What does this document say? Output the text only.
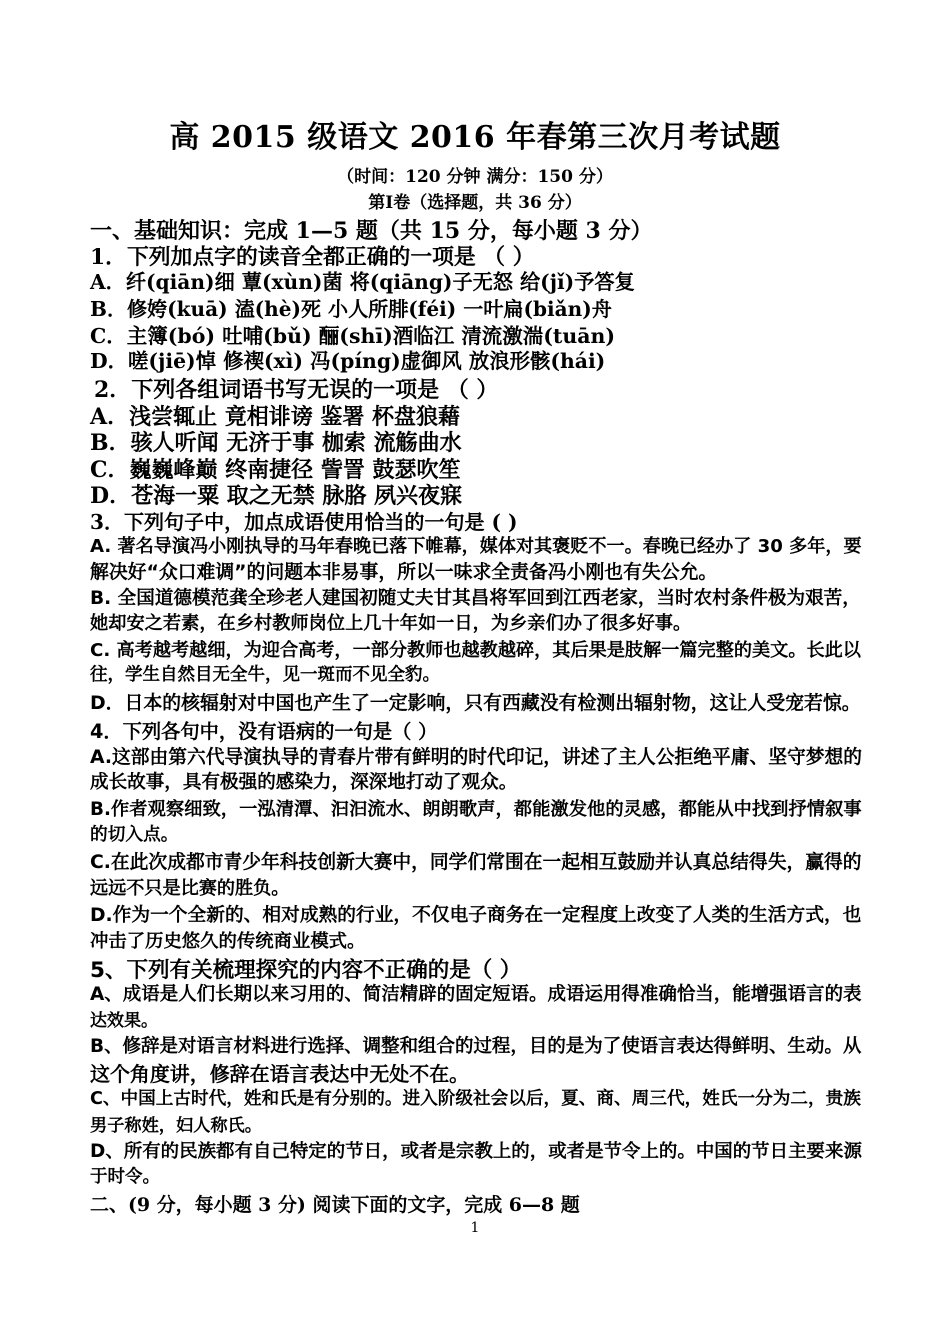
高 2015 级语文 2016 年春第三次月考试题
（时间：120 分钟 满分：150 分）
第Ⅰ卷（选择题，共 36 分）
一、基础知识：完成 1—5 题（共 15 分，每小题 3 分）
1．下列加点字的读音全都正确的一项是 （ ）
A．纤(qiān)细 蕈(xùn)菌 将(qiāng)子无怒 给(jǐ)予答复
B．修姱(kuā) 溘(hè)死 小人所腓(féi) 一叶扁(biǎn)舟
C．主簿(bó) 吐哺(bǔ) 酾(shī)酒临江 清流激湍(tuān)
D．嗟(jiē)悼 修禊(xì) 冯(píng)虚御风 放浪形骸(hái)
2．下列各组词语书写无误的一项是 （ ）
A．浅尝辄止 竟相诽谤 鉴署 杯盘狼藉
B．骇人听闻 无济于事 枷索 流觞曲水
C．巍巍峰巅 终南捷径 訾詈 鼓瑟吹笙
D．苍海一粟 取之无禁 脉胳 夙兴夜寐
3．下列句子中，加点成语使用恰当的一句是 ( )
A. 著名导演冯小刚执导的马年春晚已落下帷幕，媒体对其褒贬不一。春晚已经办了 30 多年，要
解决好“众口难调”的问题本非易事，所以一味求全责备冯小刚也有失公允。
B. 全国道德模范龚全珍老人建国初随丈夫甘其昌将军回到江西老家，当时农村条件极为艰苦，
她却安之若素，在乡村教师岗位上几十年如一日，为乡亲们办了很多好事。
C. 高考越考越细，为迎合高考，一部分教师也越教越碎，其后果是肢解一篇完整的美文。长此以
往，学生自然目无全牛，见一斑而不见全豹。
D．日本的核辐射对中国也产生了一定影响，只有西藏没有检测出辐射物，这让人受宠若惊。
4．下列各句中，没有语病的一句是（ ）
A.这部由第六代导演执导的青春片带有鲜明的时代印记，讲述了主人公拒绝平庸、坚守梦想的
成长故事，具有极强的感染力，深深地打动了观众。
B.作者观察细致，一泓清潭、汩汩流水、朗朗歌声，都能激发他的灵感，都能从中找到抒情叙事
的切入点。
C.在此次成都市青少年科技创新大赛中，同学们常围在一起相互鼓励并认真总结得失，赢得的
远远不只是比赛的胜负。
D.作为一个全新的、相对成熟的行业，不仅电子商务在一定程度上改变了人类的生活方式，也
冲击了历史悠久的传统商业模式。
5、下列有关梳理探究的内容不正确的是（ ）
A、成语是人们长期以来习用的、简洁精辟的固定短语。成语运用得准确恰当，能增强语言的表
达效果。
B、修辞是对语言材料进行选择、调整和组合的过程，目的是为了使语言表达得鲜明、生动。从
这个角度讲，修辞在语言表达中无处不在。
C、中国上古时代，姓和氏是有分别的。进入阶级社会以后，夏、商、周三代，姓氏一分为二，贵族
男子称姓，妇人称氏。
D、所有的民族都有自己特定的节日，或者是宗教上的，或者是节令上的。中国的节日主要来源
于时令。
二、(9 分，每小题 3 分) 阅读下面的文字，完成 6—8 题
1
